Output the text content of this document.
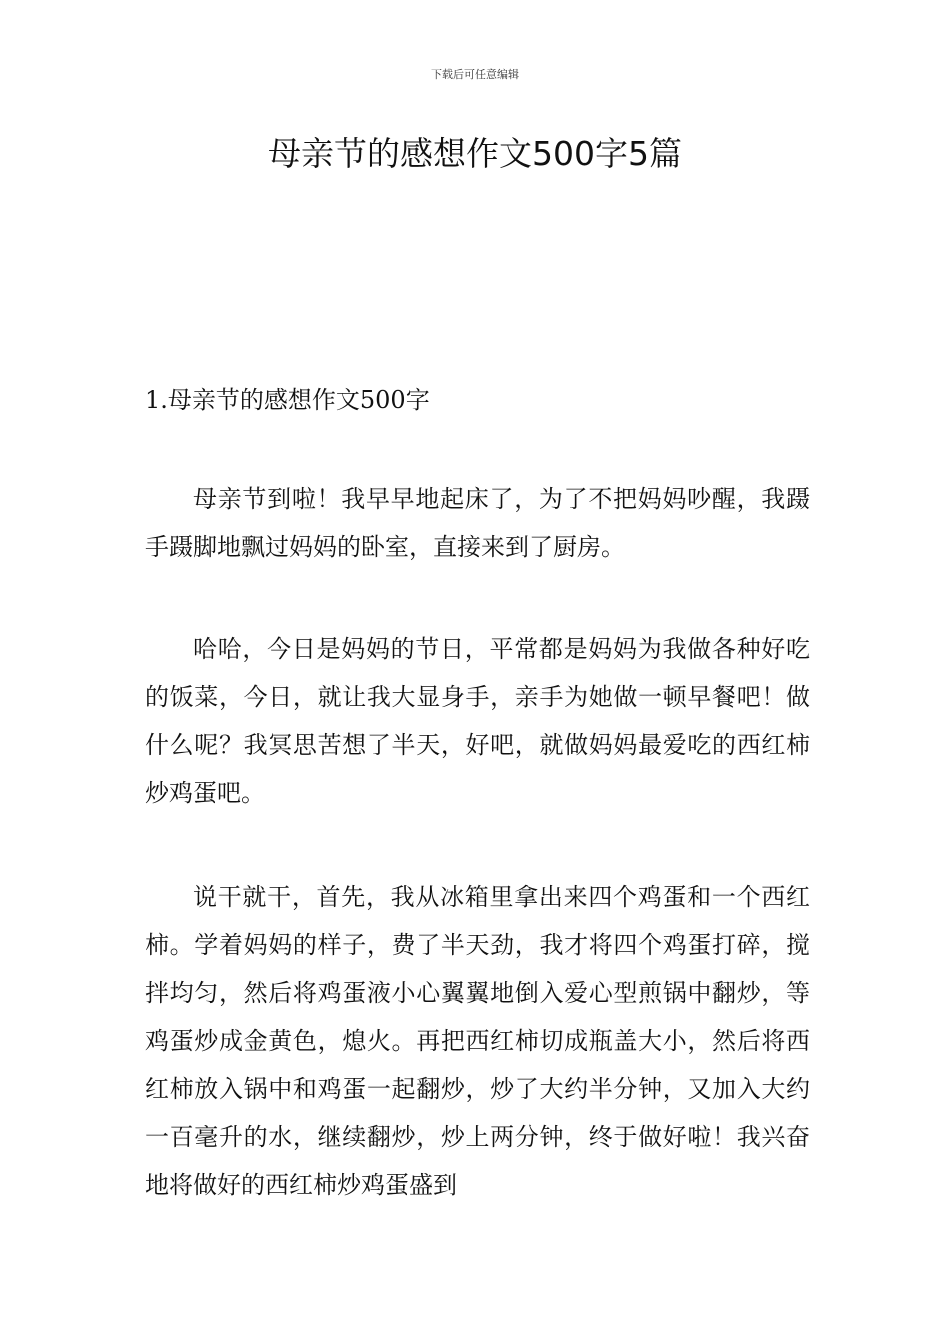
下载后可任意编辑
母亲节的感想作文500字5篇
1.母亲节的感想作文500字
母亲节到啦！我早早地起床了，为了不把妈妈吵醒，我蹑手蹑脚地飘过妈妈的卧室，直接来到了厨房。
哈哈，今日是妈妈的节日，平常都是妈妈为我做各种好吃的饭菜，今日，就让我大显身手，亲手为她做一顿早餐吧！做什么呢？我冥思苦想了半天，好吧，就做妈妈最爱吃的西红柿炒鸡蛋吧。
说干就干，首先，我从冰箱里拿出来四个鸡蛋和一个西红柿。学着妈妈的样子，费了半天劲，我才将四个鸡蛋打碎，搅拌均匀，然后将鸡蛋液小心翼翼地倒入爱心型煎锅中翻炒，等鸡蛋炒成金黄色，熄火。再把西红柿切成瓶盖大小，然后将西红柿放入锅中和鸡蛋一起翻炒，炒了大约半分钟，又加入大约一百毫升的水，继续翻炒，炒上两分钟，终于做好啦！我兴奋地将做好的西红柿炒鸡蛋盛到
